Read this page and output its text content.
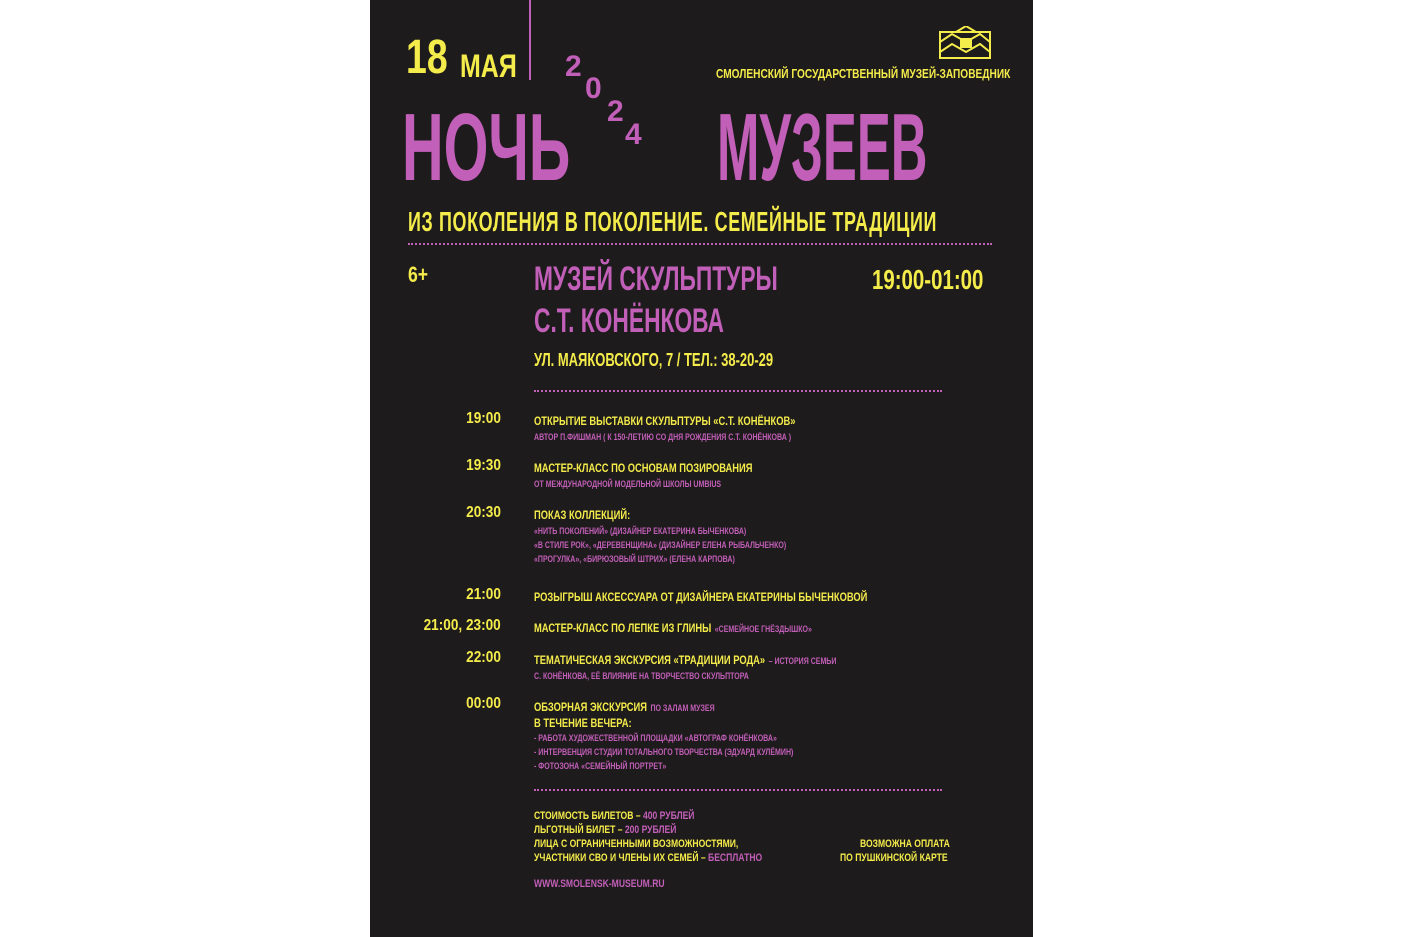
18 МАЯ 2
0
2
4
СМОЛЕНСКИЙ ГОСУДАРСТВЕННЫЙ МУЗЕЙ-ЗАПОВЕДНИК
НОЧЬ МУЗЕЕВ
ИЗ ПОКОЛЕНИЯ В ПОКОЛЕНИЕ. СЕМЕЙНЫЕ ТРАДИЦИИ
6+	МУЗЕЙ СКУЛЬПТУРЫ
С.Т. КОНЁНКОВА
19:00-01:00
УЛ. МАЯКОВСКОГО, 7 / ТЕЛ.: 38-20-29
19:00	ОТКРЫТИЕ ВЫСТАВКИ СКУЛЬПТУРЫ «С.Т. КОНЁНКОВ»
АВТОР П.ФИШМАН ( К 150-ЛЕТИЮ СО ДНЯ РОЖДЕНИЯ С.Т. КОНЁНКОВА )
19:30	МАСТЕР-КЛАСС ПО ОСНОВАМ ПОЗИРОВАНИЯ
ОТ МЕЖДУНАРОДНОЙ МОДЕЛЬНОЙ ШКОЛЫ UMBIUS
20:30	ПОКАЗ КОЛЛЕКЦИЙ:
«НИТЬ ПОКОЛЕНИЙ» (ДИЗАЙНЕР ЕКАТЕРИНА БЫЧЕНКОВА)
«В СТИЛЕ РОК», «ДЕРЕВЕНЩИНА» (ДИЗАЙНЕР ЕЛЕНА РЫБАЛЬЧЕНКО)
«ПРОГУЛКА», «БИРЮЗОВЫЙ ШТРИХ» (ЕЛЕНА КАРПОВА)
21:00	РОЗЫГРЫШ АКСЕССУАРА ОТ ДИЗАЙНЕРА ЕКАТЕРИНЫ БЫЧЕНКОВОЙ
21:00, 23:00	МАСТЕР-КЛАСС ПО ЛЕПКЕ ИЗ ГЛИНЫ «СЕМЕЙНОЕ ГНЁЗДЫШКО»
22:00	ТЕМАТИЧЕСКАЯ ЭКСКУРСИЯ «ТРАДИЦИИ РОДА» – ИСТОРИЯ СЕМЬИ
С. КОНЁНКОВА, ЕЁ ВЛИЯНИЕ НА ТВОРЧЕСТВО СКУЛЬПТОРА
00:00	ОБЗОРНАЯ ЭКСКУРСИЯ ПО ЗАЛАМ МУЗЕЯ
В ТЕЧЕНИЕ ВЕЧЕРА:
- РАБОТА ХУДОЖЕСТВЕННОЙ ПЛОЩАДКИ «АВТОГРАФ КОНЁНКОВА»
- ИНТЕРВЕНЦИЯ СТУДИИ ТОТАЛЬНОГО ТВОРЧЕСТВА (ЭДУАРД КУЛЁМИН)
- ФОТОЗОНА «СЕМЕЙНЫЙ ПОРТРЕТ»
СТОИМОСТЬ БИЛЕТОВ – 400 РУБЛЕЙ
ЛЬГОТНЫЙ БИЛЕТ – 200 РУБЛЕЙ
ЛИЦА С ОГРАНИЧЕННЫМИ ВОЗМОЖНОСТЯМИ,
УЧАСТНИКИ СВО И ЧЛЕНЫ ИХ СЕМЕЙ – БЕСПЛАТНО
ВОЗМОЖНА ОПЛАТА
ПО ПУШКИНСКОЙ КАРТЕ
WWW.SMOLENSK-MUSEUM.RU
